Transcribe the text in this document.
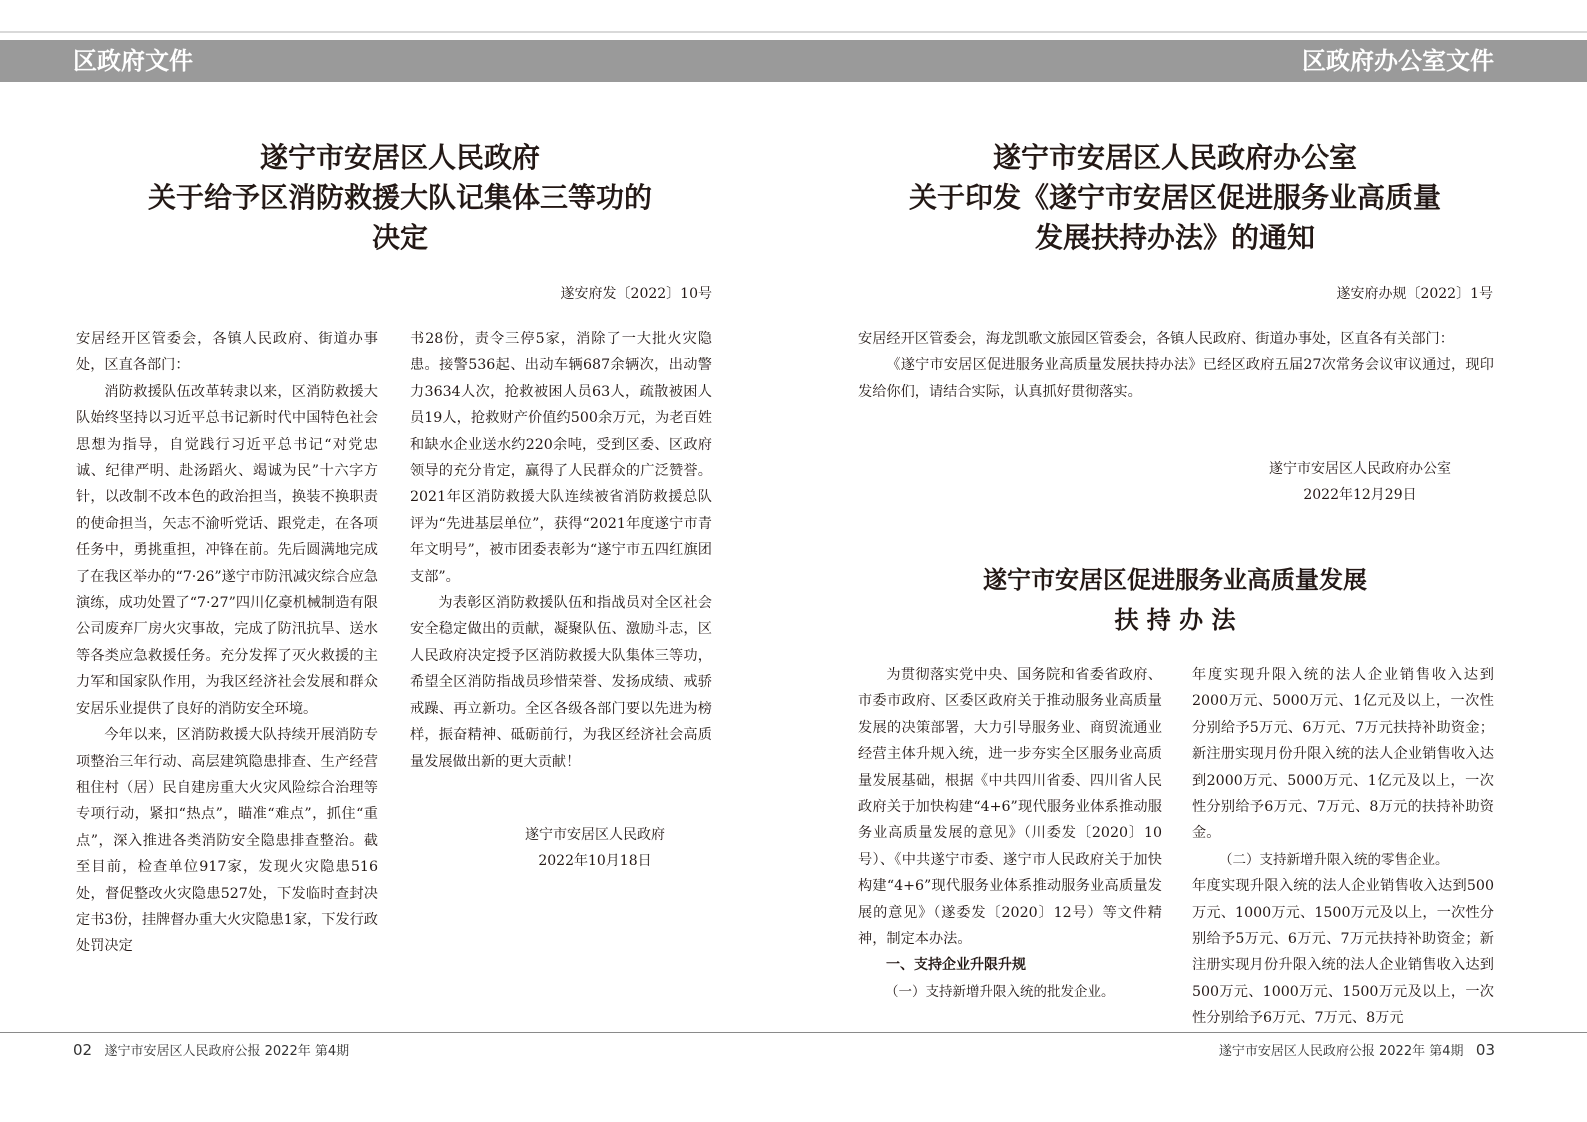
区政府文件	区政府办公室文件
遂宁市安居区人民政府
关于给予区消防救援大队记集体三等功的
决定
遂安府发〔2022〕10号

安居经开区管委会，各镇人民政府、街道办事处，区直各部门：

消防救援队伍改革转隶以来，区消防救援大队始终坚持以习近平总书记新时代中国特色社会思想为指导，自觉践行习近平总书记“对党忠诚、纪律严明、赴汤蹈火、竭诚为民”十六字方针，以改制不改本色的政治担当，换装不换职责的使命担当，矢志不渝听党话、跟党走，在各项任务中，勇挑重担，冲锋在前。先后圆满地完成了在我区举办的“7·26”遂宁市防汛减灾综合应急演练，成功处置了“7·27”四川亿豪机械制造有限公司废弃厂房火灾事故，完成了防汛抗旱、送水等各类应急救援任务。充分发挥了灭火救援的主力军和国家队作用，为我区经济社会发展和群众安居乐业提供了良好的消防安全环境。

今年以来，区消防救援大队持续开展消防专项整治三年行动、高层建筑隐患排查、生产经营租住村（居）民自建房重大火灾风险综合治理等专项行动，紧扣“热点”，瞄准“难点”，抓住“重点”，深入推进各类消防安全隐患排查整治。截至目前，检查单位917家，发现火灾隐患516处，督促整改火灾隐患527处，下发临时查封决定书3份，挂牌督办重大火灾隐患1家，下发行政处罚决定

书28份，责令三停5家，消除了一大批火灾隐患。接警536起、出动车辆687余辆次，出动警力3634人次，抢救被困人员63人，疏散被困人员19人，抢救财产价值约500余万元，为老百姓和缺水企业送水约220余吨，受到区委、区政府领导的充分肯定，赢得了人民群众的广泛赞誉。2021年区消防救援大队连续被省消防救援总队评为“先进基层单位”，获得“2021年度遂宁市青年文明号”，被市团委表彰为“遂宁市五四红旗团支部”。

为表彰区消防救援队伍和指战员对全区社会安全稳定做出的贡献，凝聚队伍、激励斗志，区人民政府决定授予区消防救援大队集体三等功，希望全区消防指战员珍惜荣誉、发扬成绩、戒骄戒躁、再立新功。全区各级各部门要以先进为榜样，振奋精神、砥砺前行，为我区经济社会高质量发展做出新的更大贡献！

遂宁市安居区人民政府
2022年10月18日
遂宁市安居区人民政府办公室
关于印发《遂宁市安居区促进服务业高质量
发展扶持办法》的通知
遂安府办规〔2022〕1号

安居经开区管委会，海龙凯歌文旅园区管委会，各镇人民政府、街道办事处，区直各有关部门：

《遂宁市安居区促进服务业高质量发展扶持办法》已经区政府五届27次常务会议审议通过，现印发给你们，请结合实际，认真抓好贯彻落实。

遂宁市安居区人民政府办公室
2022年12月29日
遂宁市安居区促进服务业高质量发展
扶 持 办 法

为贯彻落实党中央、国务院和省委省政府、市委市政府、区委区政府关于推动服务业高质量发展的决策部署，大力引导服务业、商贸流通业经营主体升规入统，进一步夯实全区服务业高质量发展基础，根据《中共四川省委、四川省人民政府关于加快构建“4+6”现代服务业体系推动服务业高质量发展的意见》（川委发〔2020〕10号）、《中共遂宁市委、遂宁市人民政府关于加快构建“4+6”现代服务业体系推动服务业高质量发展的意见》（遂委发〔2020〕12号）等文件精神，制定本办法。

一、支持企业升限升规

（一）支持新增升限入统的批发企业。

年度实现升限入统的法人企业销售收入达到2000万元、5000万元、1亿元及以上，一次性分别给予5万元、6万元、7万元扶持补助资金；新注册实现月份升限入统的法人企业销售收入达到2000万元、5000万元、1亿元及以上，一次性分别给予6万元、7万元、8万元的扶持补助资金。

（二）支持新增升限入统的零售企业。

年度实现升限入统的法人企业销售收入达到500万元、1000万元、1500万元及以上，一次性分别给予5万元、6万元、7万元扶持补助资金；新注册实现月份升限入统的法人企业销售收入达到500万元、1000万元、1500万元及以上，一次性分别给予6万元、7万元、8万元

02 遂宁市安居区人民政府公报 2022年 第4期	遂宁市安居区人民政府公报 2022年 第4期 03
